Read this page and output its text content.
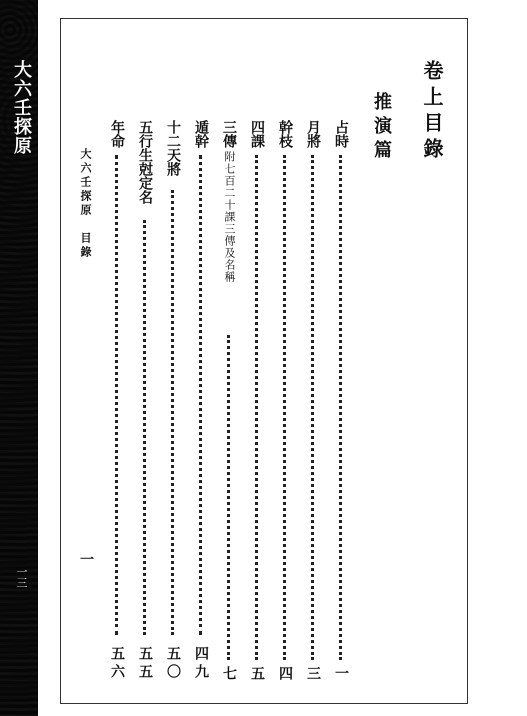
大六壬探原
一三
卷上目錄
推演篇
占時
一
月將
三
幹枝
四
四課
五
三傳附七百二十課三傳及名稱
七
遁幹
四九
十二天將
五〇
五行生尅定名
五五
年命
五六
大六壬探原　目錄
一
